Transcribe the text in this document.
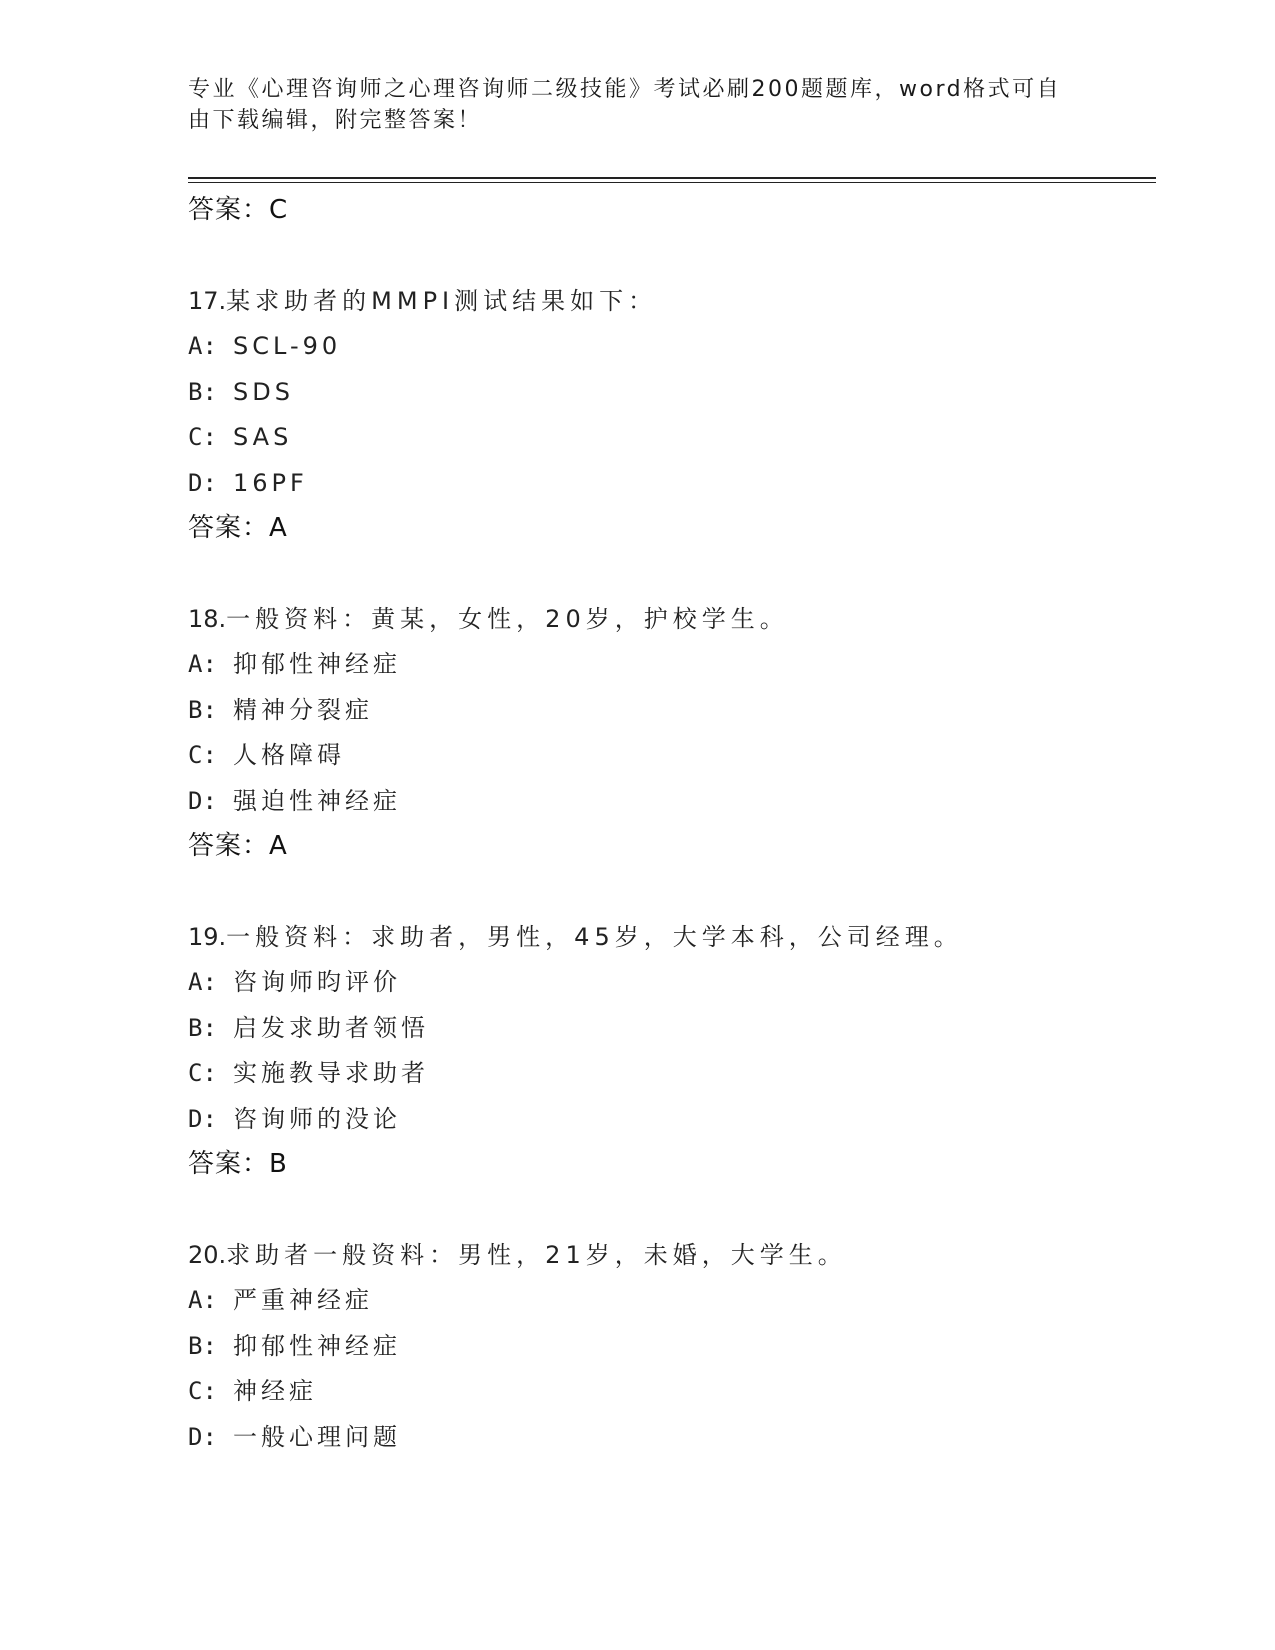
专业《心理咨询师之心理咨询师二级技能》考试必刷200题题库，word格式可自
由下载编辑，附完整答案！
答案：C
17.某求助者的MMPI测试结果如下：
A: SCL-90
B: SDS
C: SAS
D: 16PF
答案：A
18.一般资料：黄某，女性，20岁，护校学生。
A: 抑郁性神经症
B: 精神分裂症
C: 人格障碍
D: 强迫性神经症
答案：A
19.一般资料：求助者，男性，45岁，大学本科，公司经理。
A: 咨询师昀评价
B: 启发求助者领悟
C: 实施教导求助者
D: 咨询师的没论
答案：B
20.求助者一般资料：男性，21岁，未婚，大学生。
A: 严重神经症
B: 抑郁性神经症
C: 神经症
D: 一般心理问题
